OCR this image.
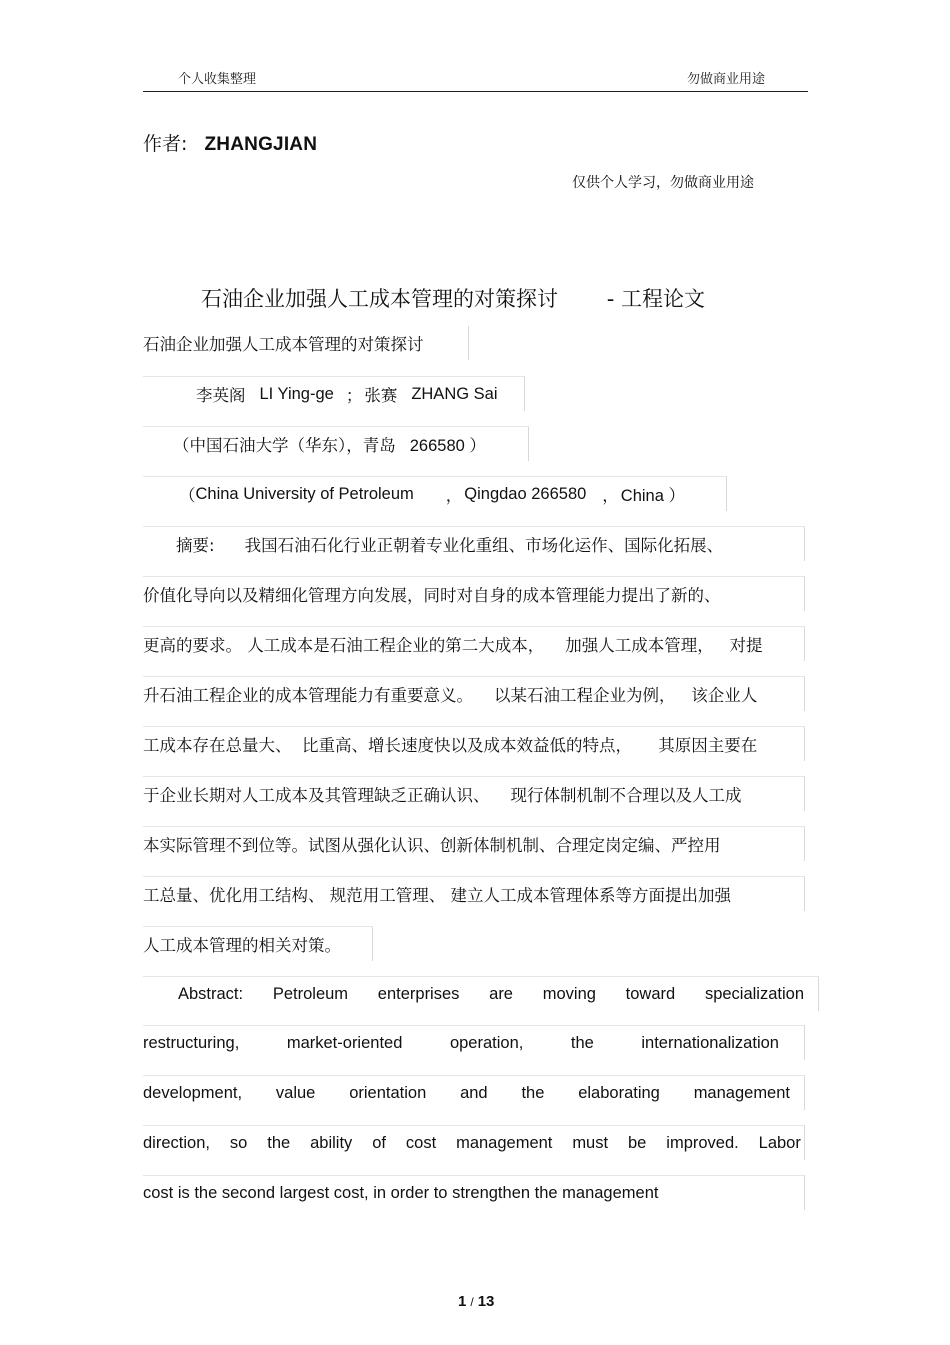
个人收集整理	勿做商业用途
作者: ZHANGJIAN
仅供个人学习，勿做商业用途
石油企业加强人工成本管理的对策探讨 - 工程论文
石油企业加强人工成本管理的对策探讨
李英阁 LI Ying-ge ； 张赛 ZHANG Sai
（中国石油大学（华东），青岛 266580 ）
（ China University of Petroleum ， Qingdao 266580 ， China ）
摘要: 我国石油石化行业正朝着专业化重组、市场化运作、国际化拓展、
价值化导向以及精细化管理方向发展，同时对自身的成本管理能力提出了新的、
更高的要求。 人工成本是石油工程企业的第二大成本，    加强人工成本管理，   对提
升石油工程企业的成本管理能力有重要意义。    以某石油工程企业为例，   该企业人
工成本存在总量大、  比重高、增长速度快以及成本效益低的特点，     其原因主要在
于企业长期对人工成本及其管理缺乏正确认识、    现行体制机制不合理以及人工成
本实际管理不到位等。试图从强化认识、创新体制机制、合理定岗定编、严控用
工总量、优化用工结构、 规范用工管理、 建立人工成本管理体系等方面提出加强
人工成本管理的相关对策。
Abstract: Petroleum enterprises are moving toward specialization
restructuring,	market-oriented	operation,	the	internationalization
development, value orientation and the elaborating management
direction, so the ability of cost management must be improved. Labor
cost is the second largest cost, in order to strengthen the management
1 / 13
